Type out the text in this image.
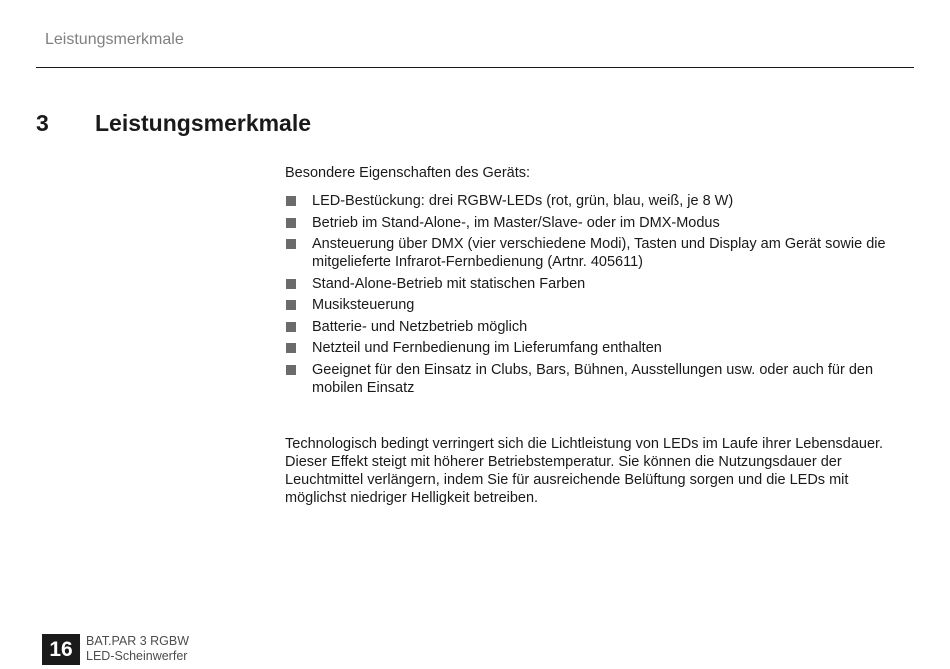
Leistungsmerkmale
3 Leistungsmerkmale

Besondere Eigenschaften des Geräts:

LED-Bestückung: drei RGBW-LEDs (rot, grün, blau, weiß, je 8 W)
Betrieb im Stand-Alone-, im Master/Slave- oder im DMX-Modus
Ansteuerung über DMX (vier verschiedene Modi), Tasten und Display am Gerät sowie die mitgelieferte Infrarot-Fernbedienung (Artnr. 405611)
Stand-Alone-Betrieb mit statischen Farben
Musiksteuerung
Batterie- und Netzbetrieb möglich
Netzteil und Fernbedienung im Lieferumfang enthalten
Geeignet für den Einsatz in Clubs, Bars, Bühnen, Ausstellungen usw. oder auch für den mobilen Einsatz

Technologisch bedingt verringert sich die Lichtleistung von LEDs im Laufe ihrer Lebensdauer. Dieser Effekt steigt mit höherer Betriebstemperatur. Sie können die Nutzungsdauer der Leuchtmittel verlängern, indem Sie für ausreichende Belüftung sorgen und die LEDs mit möglichst niedriger Helligkeit betreiben.

16	BAT.PAR 3 RGBW
LED-Scheinwerfer
